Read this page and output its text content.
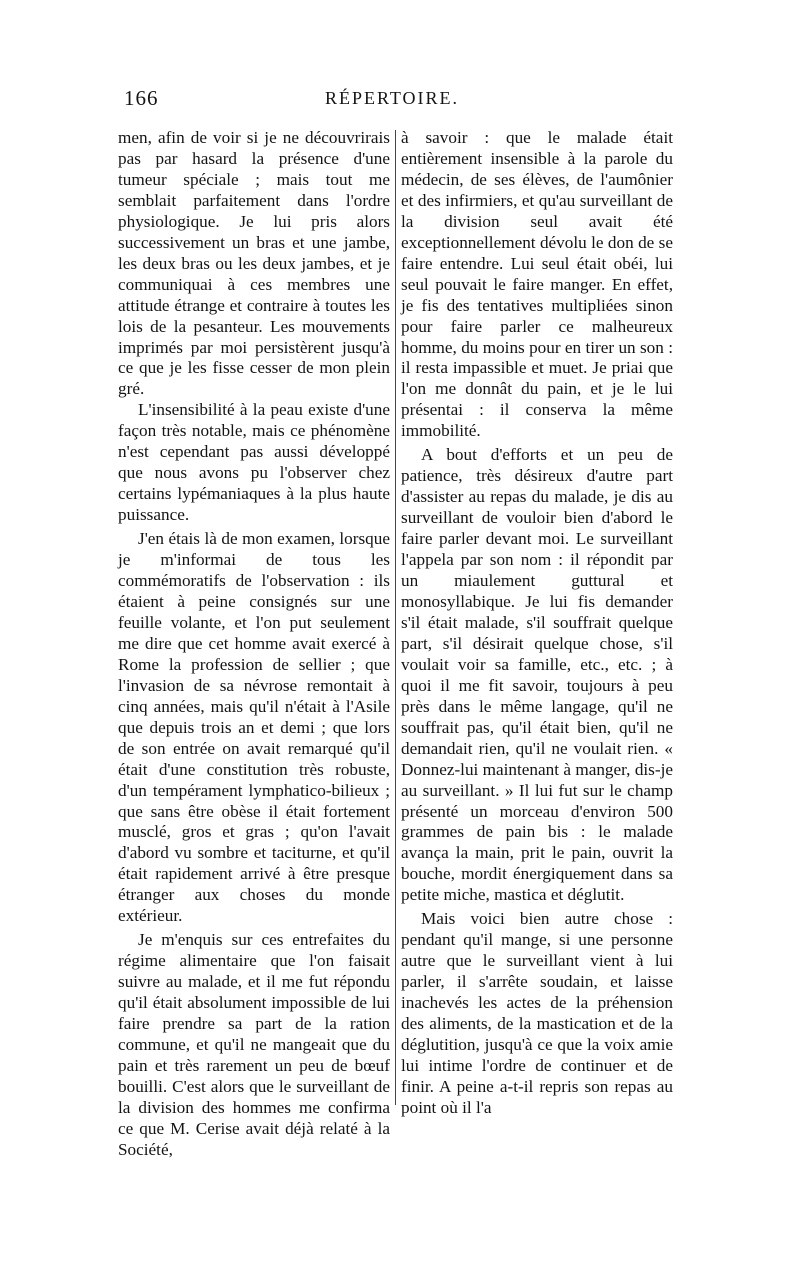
166	RÉPERTOIRE.

men, afin de voir si je ne découvrirais pas par hasard la présence d'une tumeur spéciale ; mais tout me semblait parfaitement dans l'ordre physiologique. Je lui pris alors successivement un bras et une jambe, les deux bras ou les deux jambes, et je communiquai à ces membres une attitude étrange et contraire à toutes les lois de la pesanteur. Les mouvements imprimés par moi persistèrent jusqu'à ce que je les fisse cesser de mon plein gré.

L'insensibilité à la peau existe d'une façon très notable, mais ce phénomène n'est cependant pas aussi développé que nous avons pu l'observer chez certains lypémaniaques à la plus haute puissance.

J'en étais là de mon examen, lorsque je m'informai de tous les commémoratifs de l'observation : ils étaient à peine consignés sur une feuille volante, et l'on put seulement me dire que cet homme avait exercé à Rome la profession de sellier ; que l'invasion de sa névrose remontait à cinq années, mais qu'il n'était à l'Asile que depuis trois an et demi ; que lors de son entrée on avait remarqué qu'il était d'une constitution très robuste, d'un tempérament lymphatico-bilieux ; que sans être obèse il était fortement musclé, gros et gras ; qu'on l'avait d'abord vu sombre et taciturne, et qu'il était rapidement arrivé à être presque étranger aux choses du monde extérieur.

Je m'enquis sur ces entrefaites du régime alimentaire que l'on faisait suivre au malade, et il me fut répondu qu'il était absolument impossible de lui faire prendre sa part de la ration commune, et qu'il ne mangeait que du pain et très rarement un peu de bœuf bouilli. C'est alors que le surveillant de la division des hommes me confirma ce que M. Cerise avait déjà relaté à la Société,

à savoir : que le malade était entièrement insensible à la parole du médecin, de ses élèves, de l'aumônier et des infirmiers, et qu'au surveillant de la division seul avait été exceptionnellement dévolu le don de se faire entendre. Lui seul était obéi, lui seul pouvait le faire manger. En effet, je fis des tentatives multipliées sinon pour faire parler ce malheureux homme, du moins pour en tirer un son : il resta impassible et muet. Je priai que l'on me donnât du pain, et je le lui présentai : il conserva la même immobilité.

A bout d'efforts et un peu de patience, très désireux d'autre part d'assister au repas du malade, je dis au surveillant de vouloir bien d'abord le faire parler devant moi. Le surveillant l'appela par son nom : il répondit par un miaulement guttural et monosyllabique. Je lui fis demander s'il était malade, s'il souffrait quelque part, s'il désirait quelque chose, s'il voulait voir sa famille, etc., etc. ; à quoi il me fit savoir, toujours à peu près dans le même langage, qu'il ne souffrait pas, qu'il était bien, qu'il ne demandait rien, qu'il ne voulait rien. « Donnez-lui maintenant à manger, dis-je au surveillant. » Il lui fut sur le champ présenté un morceau d'environ 500 grammes de pain bis : le malade avança la main, prit le pain, ouvrit la bouche, mordit énergiquement dans sa petite miche, mastica et déglutit.

Mais voici bien autre chose : pendant qu'il mange, si une personne autre que le surveillant vient à lui parler, il s'arrête soudain, et laisse inachevés les actes de la préhension des aliments, de la mastication et de la déglutition, jusqu'à ce que la voix amie lui intime l'ordre de continuer et de finir. A peine a-t-il repris son repas au point où il l'a
